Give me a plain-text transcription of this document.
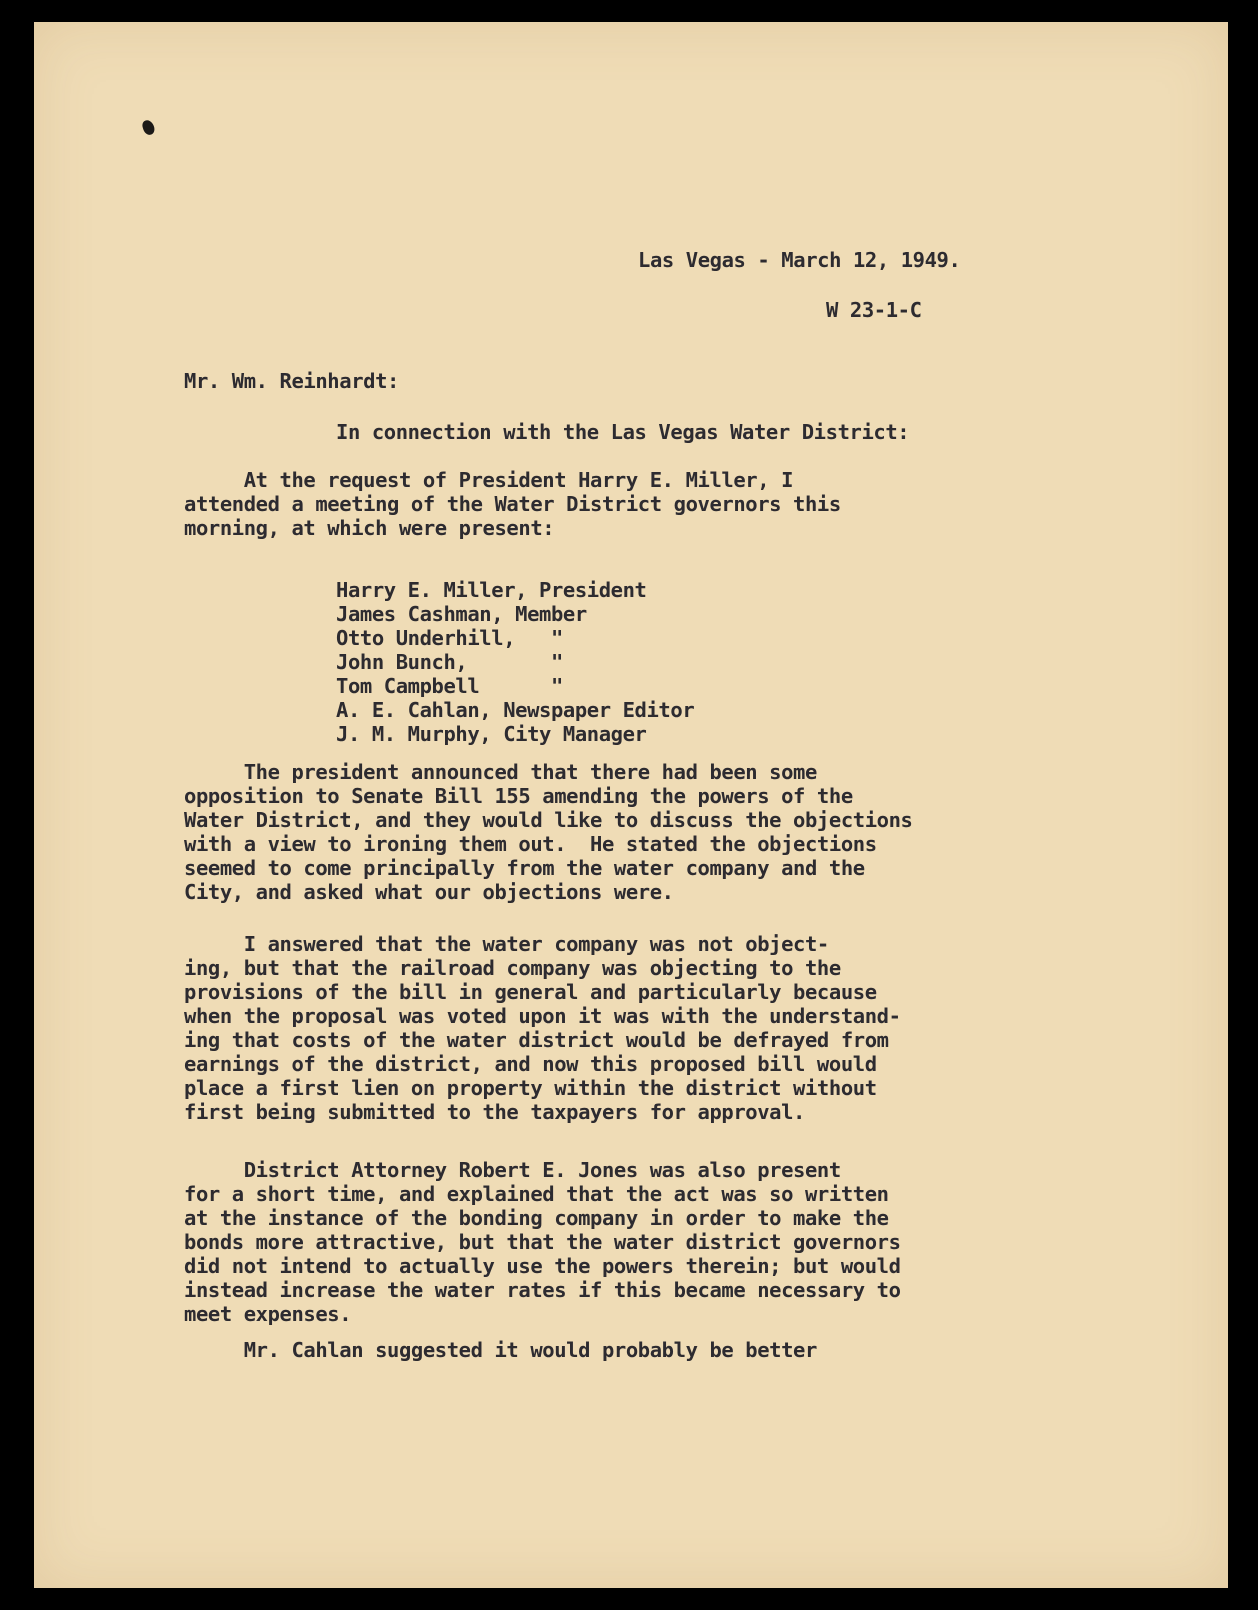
Las Vegas - March 12, 1949.
W 23-1-C
Mr. Wm. Reinhardt:
In connection with the Las Vegas Water District:
At the request of President Harry E. Miller, I
attended a meeting of the Water District governors this
morning, at which were present:
Harry E. Miller, President
James Cashman, Member
Otto Underhill,   "
John Bunch,       "
Tom Campbell      "
A. E. Cahlan, Newspaper Editor
J. M. Murphy, City Manager
The president announced that there had been some
opposition to Senate Bill 155 amending the powers of the
Water District, and they would like to discuss the objections
with a view to ironing them out.  He stated the objections
seemed to come principally from the water company and the
City, and asked what our objections were.
I answered that the water company was not object-
ing, but that the railroad company was objecting to the
provisions of the bill in general and particularly because
when the proposal was voted upon it was with the understand-
ing that costs of the water district would be defrayed from
earnings of the district, and now this proposed bill would
place a first lien on property within the district without
first being submitted to the taxpayers for approval.
District Attorney Robert E. Jones was also present
for a short time, and explained that the act was so written
at the instance of the bonding company in order to make the
bonds more attractive, but that the water district governors
did not intend to actually use the powers therein; but would
instead increase the water rates if this became necessary to
meet expenses.
Mr. Cahlan suggested it would probably be better
